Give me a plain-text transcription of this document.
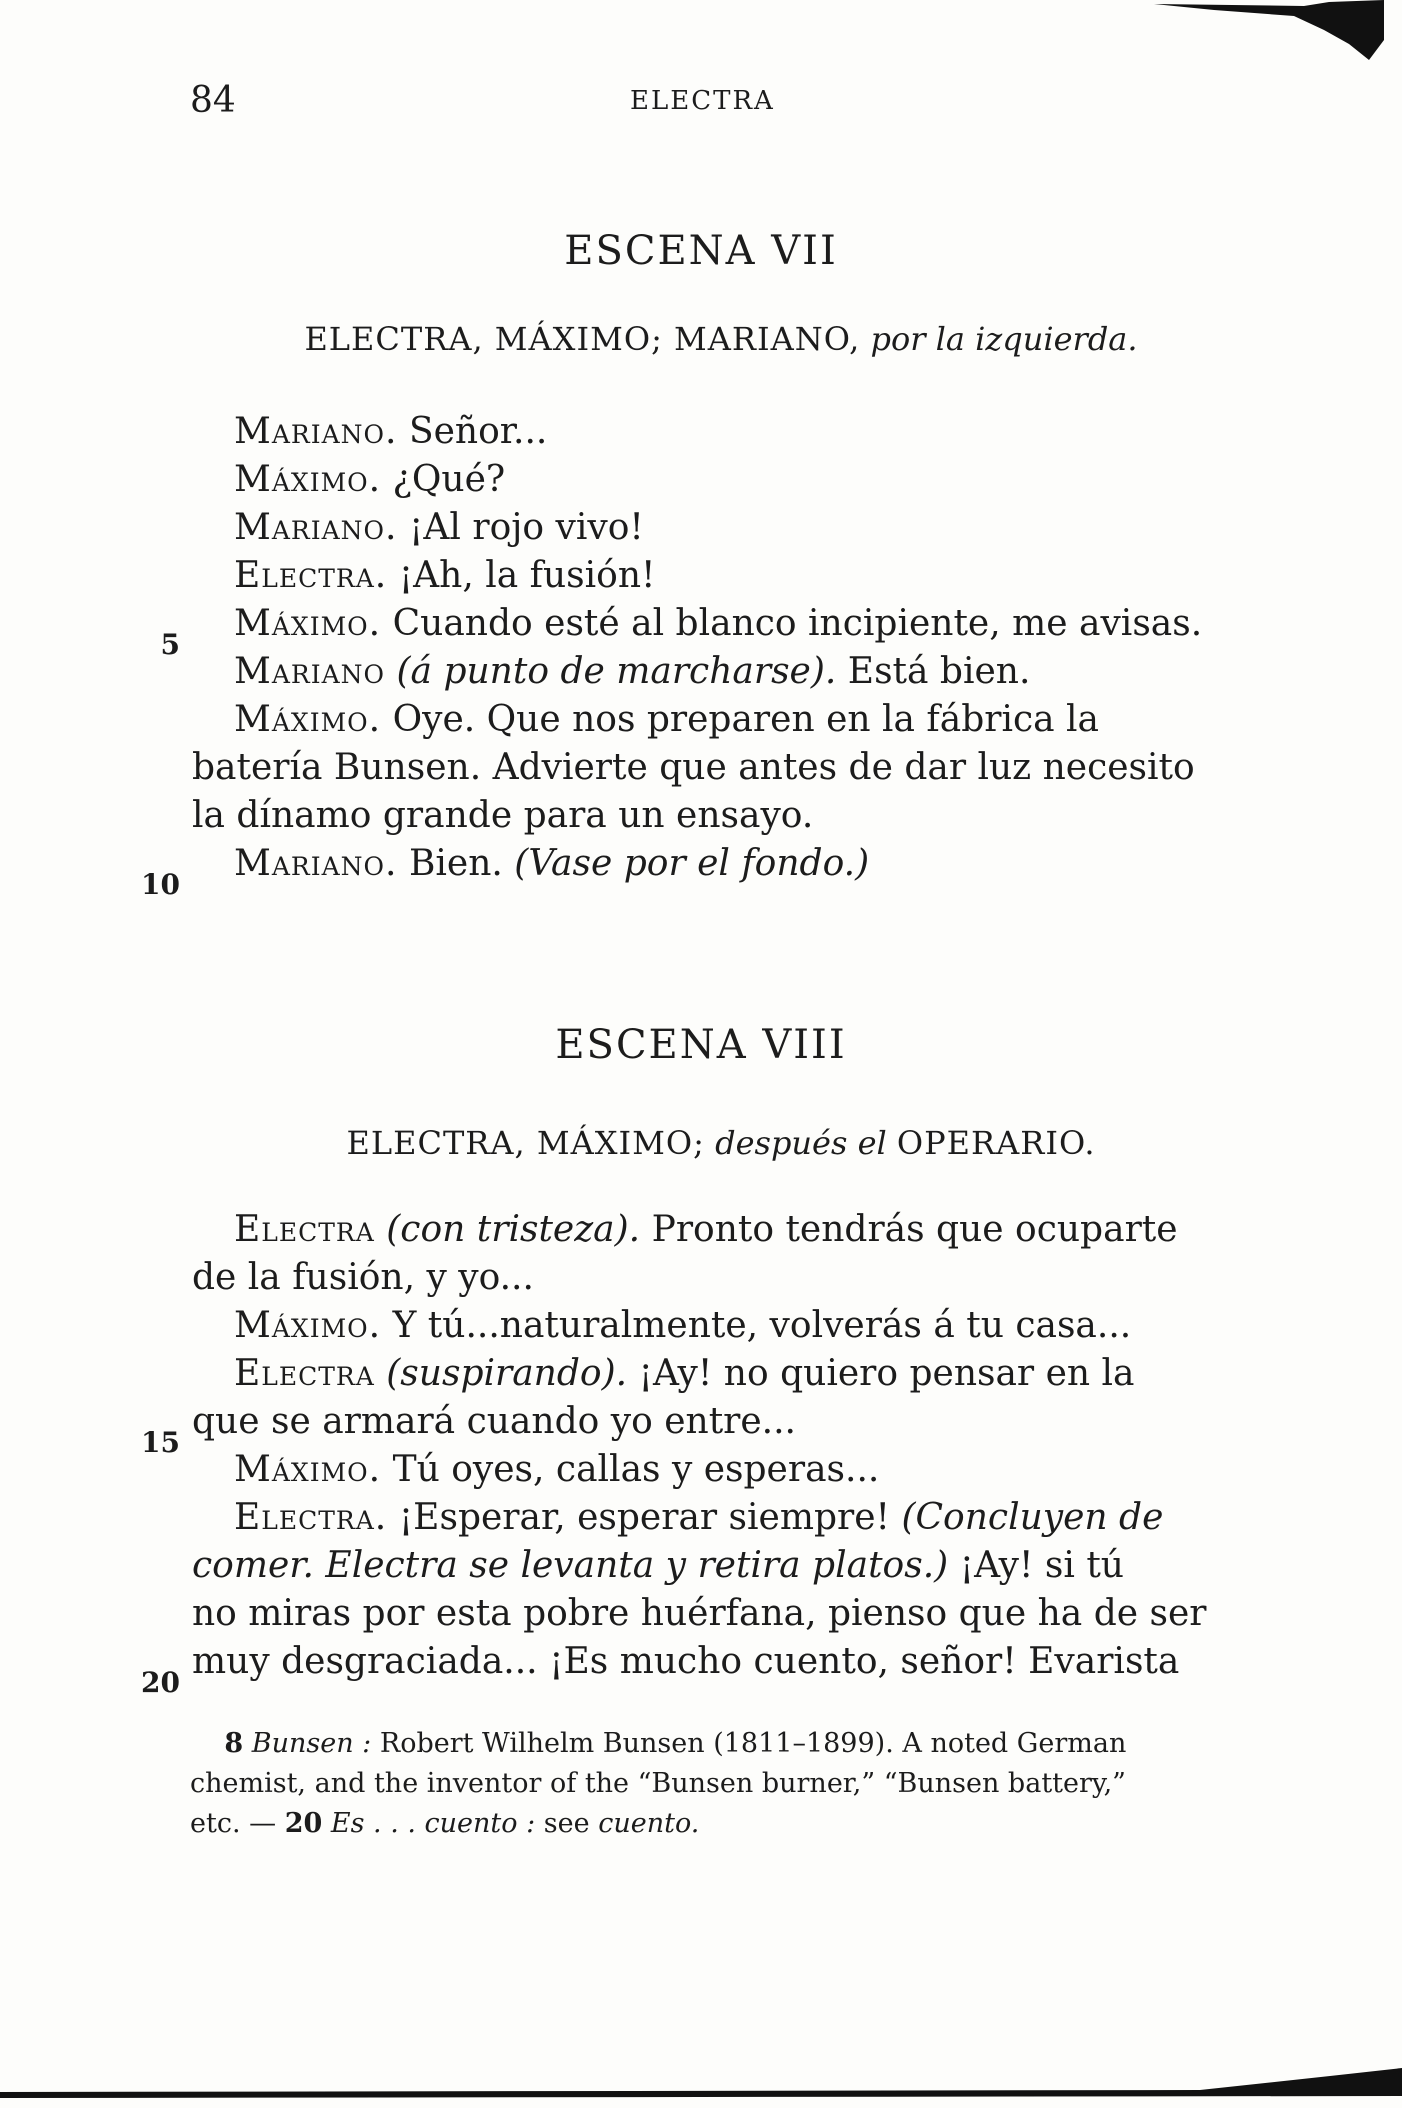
84	ELECTRA
ESCENA VII
ELECTRA, MÁXIMO; MARIANO, por la izquierda.
Mariano. Señor...
Máximo. ¿Qué?
Mariano. ¡Al rojo vivo!
Electra. ¡Ah, la fusión!
5
Máximo. Cuando esté al blanco incipiente, me avisas.
Mariano (á punto de marcharse). Está bien.
Máximo. Oye. Que nos preparen en la fábrica la
batería Bunsen. Advierte que antes de dar luz necesito
la dínamo grande para un ensayo.
10
Mariano. Bien. (Vase por el fondo.)
ESCENA VIII
ELECTRA, MÁXIMO; después el OPERARIO.
Electra (con tristeza). Pronto tendrás que ocuparte
de la fusión, y yo...
Máximo. Y tú...naturalmente, volverás á tu casa...
Electra (suspirando). ¡Ay! no quiero pensar en la
15
que se armará cuando yo entre...
Máximo. Tú oyes, callas y esperas...
Electra. ¡Esperar, esperar siempre! (Concluyen de
comer. Electra se levanta y retira platos.) ¡Ay! si tú
no miras por esta pobre huérfana, pienso que ha de ser
20
muy desgraciada... ¡Es mucho cuento, señor! Evarista
8 Bunsen : Robert Wilhelm Bunsen (1811–1899). A noted German
chemist, and the inventor of the “Bunsen burner,” “Bunsen battery,”
etc. — 20 Es . . . cuento : see cuento.
